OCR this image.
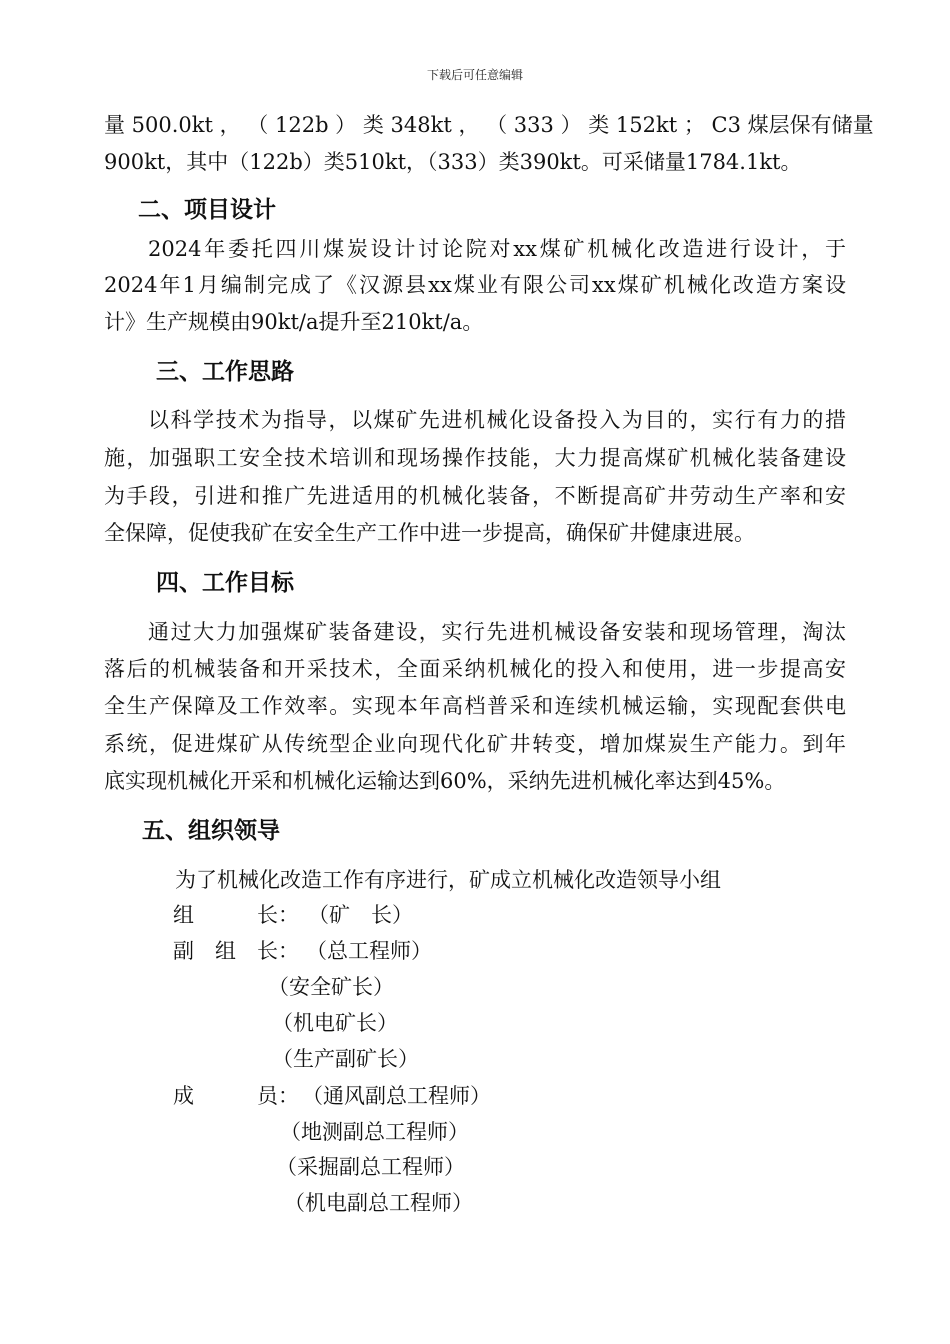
下载后可任意编辑
量 500.0kt ， （ 122b ） 类 348kt ， （ 333 ） 类 152kt ； C3 煤层保有储量
900kt，其中（122b）类510kt，（333）类390kt。可采储量1784.1kt。
二、项目设计
2024年委托四川煤炭设计讨论院对xx煤矿机械化改造进行设计，于
2024年1月编制完成了《汉源县xx煤业有限公司xx煤矿机械化改造方案设
计》生产规模由90kt/a提升至210kt/a。
三、工作思路
以科学技术为指导，以煤矿先进机械化设备投入为目的，实行有力的措
施，加强职工安全技术培训和现场操作技能，大力提高煤矿机械化装备建设
为手段，引进和推广先进适用的机械化装备，不断提高矿井劳动生产率和安
全保障，促使我矿在安全生产工作中进一步提高，确保矿井健康进展。
四、工作目标
通过大力加强煤矿装备建设，实行先进机械设备安装和现场管理，淘汰
落后的机械装备和开采技术，全面采纳机械化的投入和使用，进一步提高安
全生产保障及工作效率。实现本年高档普采和连续机械运输，实现配套供电
系统，促进煤矿从传统型企业向现代化矿井转变，增加煤炭生产能力。到年
底实现机械化开采和机械化运输达到60%，采纳先进机械化率达到45%。
五、组织领导
为了机械化改造工作有序进行，矿成立机械化改造领导小组
组　　　长： （矿　长）
副　组　长： （总工程师）
（安全矿长）
（机电矿长）
（生产副矿长）
成　　　员： （通风副总工程师）
（地测副总工程师）
（采掘副总工程师）
（机电副总工程师）
